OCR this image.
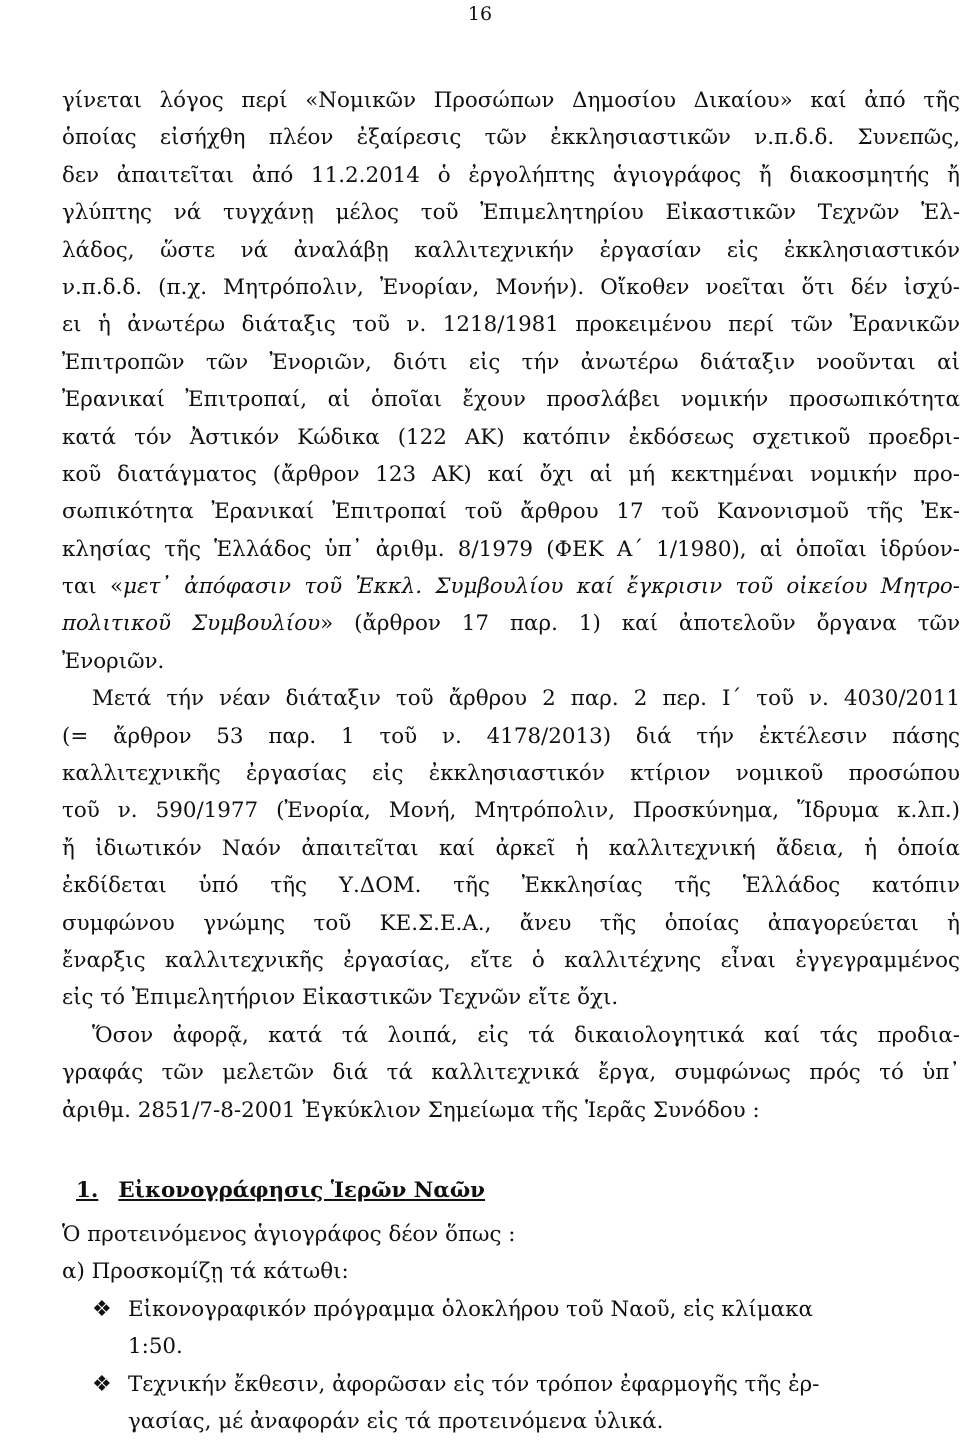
16
γίνεται λόγος περί «Νομικῶν Προσώπων Δημοσίου Δικαίου» καί ἀπό τῆς
ὁποίας εἰσήχθη πλέον ἐξαίρεσις τῶν ἐκκλησιαστικῶν ν.π.δ.δ. Συνεπῶς,
δεν ἀπαιτεῖται ἀπό 11.2.2014 ὁ ἐργολήπτης ἁγιογράφος ἤ διακοσμητής ἤ
γλύπτης νά τυγχάνῃ μέλος τοῦ Ἐπιμελητηρίου Εἰκαστικῶν Τεχνῶν Ἑλ-
λάδος, ὥστε νά ἀναλάβῃ καλλιτεχνικήν ἐργασίαν εἰς ἐκκλησιαστικόν
ν.π.δ.δ. (π.χ. Μητρόπολιν, Ἐνορίαν, Μονήν). Οἴκοθεν νοεῖται ὅτι δέν ἰσχύ-
ει ἡ ἀνωτέρω διάταξις τοῦ ν. 1218/1981 προκειμένου περί τῶν Ἐρανικῶν
Ἐπιτροπῶν τῶν Ἐνοριῶν, διότι εἰς τήν ἀνωτέρω διάταξιν νοοῦνται αἱ
Ἐρανικαί Ἐπιτροπαί, αἱ ὁποῖαι ἔχουν προσλάβει νομικήν προσωπικότητα
κατά τόν Ἀστικόν Κώδικα (122 ΑΚ) κατόπιν ἐκδόσεως σχετικοῦ προεδρι-
κοῦ διατάγματος (ἄρθρον 123 ΑΚ) καί ὄχι αἱ μή κεκτημέναι νομικήν προ-
σωπικότητα Ἐρανικαί Ἐπιτροπαί τοῦ ἄρθρου 17 τοῦ Κανονισμοῦ τῆς Ἐκ-
κλησίας τῆς Ἑλλάδος ὑπ᾽ ἀριθμ. 8/1979 (ΦΕΚ Α΄ 1/1980), αἱ ὁποῖαι ἱδρύον-
ται «μετ᾽ ἀπόφασιν τοῦ Ἐκκλ. Συμβουλίου καί ἔγκρισιν τοῦ οἰκείου Μητρο-
πολιτικοῦ Συμβουλίου» (ἄρθρον 17 παρ. 1) καί ἀποτελοῦν ὄργανα τῶν
Ἐνοριῶν.
Μετά τήν νέαν διάταξιν τοῦ ἄρθρου 2 παρ. 2 περ. Ι΄ τοῦ ν. 4030/2011
(= ἄρθρον 53 παρ. 1 τοῦ ν. 4178/2013) διά τήν ἐκτέλεσιν πάσης
καλλιτεχνικῆς ἐργασίας εἰς ἐκκλησιαστικόν κτίριον νομικοῦ προσώπου
τοῦ ν. 590/1977 (Ἐνορία, Μονή, Μητρόπολιν, Προσκύνημα, Ἵδρυμα κ.λπ.)
ἤ ἰδιωτικόν Ναόν ἀπαιτεῖται καί ἀρκεῖ ἡ καλλιτεχνική ἄδεια, ἡ ὁποία
ἐκδίδεται ὑπό τῆς Υ.ΔΟΜ. τῆς Ἐκκλησίας τῆς Ἑλλάδος κατόπιν
συμφώνου γνώμης τοῦ ΚΕ.Σ.Ε.Α., ἄνευ τῆς ὁποίας ἀπαγορεύεται ἡ
ἔναρξις καλλιτεχνικῆς ἐργασίας, εἴτε ὁ καλλιτέχνης εἶναι ἐγγεγραμμένος
εἰς τό Ἐπιμελητήριον Εἰκαστικῶν Τεχνῶν εἴτε ὄχι.
Ὅσον ἀφορᾷ, κατά τά λοιπά, εἰς τά δικαιολογητικά καί τάς προδια-
γραφάς τῶν μελετῶν διά τά καλλιτεχνικά ἔργα, συμφώνως πρός τό ὑπ᾽
ἀριθμ. 2851/7-8-2001 Ἐγκύκλιον Σημείωμα τῆς Ἱερᾶς Συνόδου :
1. Εἰκονογράφησις Ἱερῶν Ναῶν
Ὁ προτεινόμενος ἁγιογράφος δέον ὅπως :
α) Προσκομίζῃ τά κάτωθι:
❖ Εἰκονογραφικόν πρόγραμμα ὁλοκλήρου τοῦ Ναοῦ, εἰς κλίμακα
1:50.
❖ Τεχνικήν ἔκθεσιν, ἀφορῶσαν εἰς τόν τρόπον ἐφαρμογῆς τῆς ἐρ-
γασίας, μέ ἀναφοράν εἰς τά προτεινόμενα ὑλικά.
